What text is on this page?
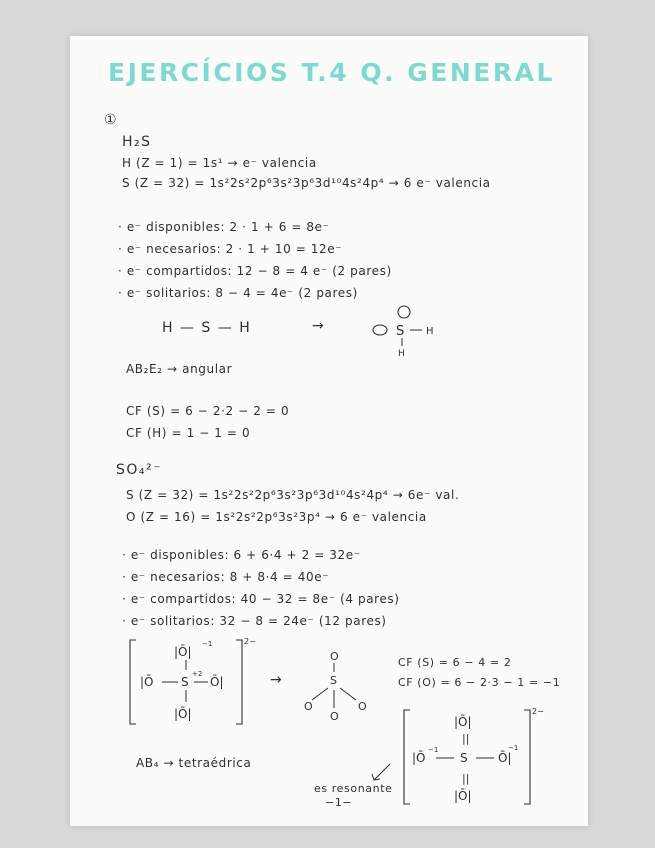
EJERCÍCIOS T.4 Q. GENERAL
①
H₂S
H (Z = 1) = 1s¹ → e⁻ valencia
S (Z = 32) = 1s²2s²2p⁶3s²3p⁶3d¹⁰4s²4p⁴ → 6 e⁻ valencia
· e⁻ disponibles: 2 · 1 + 6 = 8e⁻
· e⁻ necesarios: 2 · 1 + 10 = 12e⁻
· e⁻ compartidos: 12 − 8 = 4 e⁻ (2 pares)
· e⁻ solitarios: 8 − 4 = 4e⁻ (2 pares)
H — S — H	→	S H
H
AB₂E₂ → angular
CF (S) = 6 − 2·2 − 2 = 0
CF (H) = 1 − 1 = 0
SO₄²⁻
S (Z = 32) = 1s²2s²2p⁶3s²3p⁶3d¹⁰4s²4p⁴ → 6e⁻ val.
O (Z = 16) = 1s²2s²2p⁶3s²3p⁴ → 6 e⁻ valencia
· e⁻ disponibles: 6 + 6·4 + 2 = 32e⁻
· e⁻ necesarios: 8 + 8·4 = 40e⁻
· e⁻ compartidos: 40 − 32 = 8e⁻ (4 pares)
· e⁻ solitarios: 32 − 8 = 24e⁻ (12 pares)
2−
|Ō|
−1
|Ō S
+2
Ō|
|Ō|
→
O
S
O	O
O
CF (S) = 6 − 4 = 2
CF (O) = 6 − 2·3 − 1 = −1
AB₄ → tetraédrica
2−
|Ō|
||
|Ō
−1
S	Ō|
−1
||
|Ō|
es resonante
−1−
